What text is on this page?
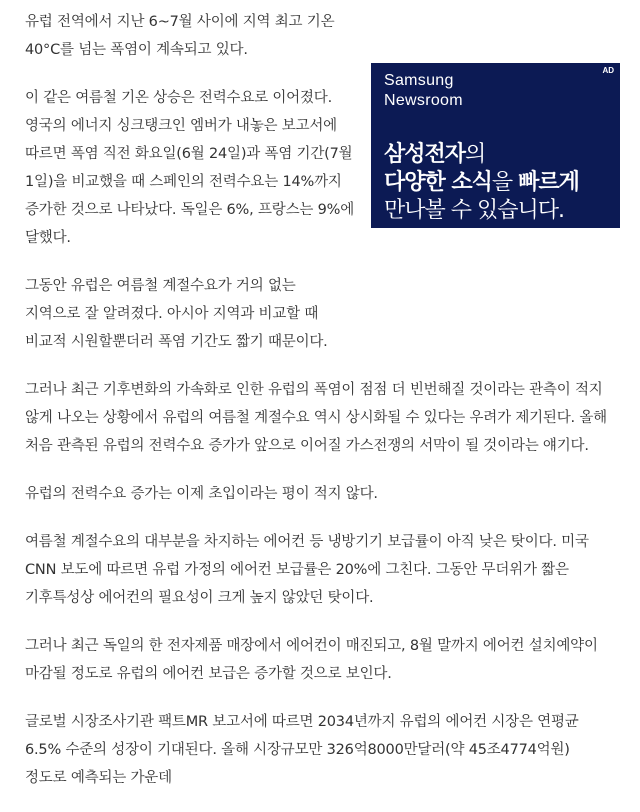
유럽 전역에서 지난 6~7월 사이에 지역 최고 기온 40°C를 넘는 폭염이 계속되고 있다.

이 같은 여름철 기온 상승은 전력수요로 이어졌다. 영국의 에너지 싱크탱크인 엠버가 내놓은 보고서에 따르면 폭염 직전 화요일(6월 24일)과 폭염 기간(7월 1일)을 비교했을 때 스페인의 전력수요는 14%까지 증가한 것으로 나타났다. 독일은 6%, 프랑스는 9%에 달했다.

그동안 유럽은 여름철 계절수요가 거의 없는 지역으로 잘 알려졌다. 아시아 지역과 비교할 때 비교적 시원할뿐더러 폭염 기간도 짧기 때문이다.

그러나 최근 기후변화의 가속화로 인한 유럽의 폭염이 점점 더 빈번해질 것이라는 관측이 적지 않게 나오는 상황에서 유럽의 여름철 계절수요 역시 상시화될 수 있다는 우려가 제기된다. 올해 처음 관측된 유럽의 전력수요 증가가 앞으로 이어질 가스전쟁의 서막이 될 것이라는 얘기다.

유럽의 전력수요 증가는 이제 초입이라는 평이 적지 않다.

여름철 계절수요의 대부분을 차지하는 에어컨 등 냉방기기 보급률이 아직 낮은 탓이다. 미국 CNN 보도에 따르면 유럽 가정의 에어컨 보급률은 20%에 그친다. 그동안 무더위가 짧은 기후특성상 에어컨의 필요성이 크게 높지 않았던 탓이다.

그러나 최근 독일의 한 전자제품 매장에서 에어컨이 매진되고, 8월 말까지 에어컨 설치예약이 마감될 정도로 유럽의 에어컨 보급은 증가할 것으로 보인다.

글로벌 시장조사기관 팩트MR 보고서에 따르면 2034년까지 유럽의 에어컨 시장은 연평균 6.5% 수준의 성장이 기대된다. 올해 시장규모만 326억8000만달러(약 45조4774억원) 정도로 예측되는 가운데

AD
Samsung
Newsroom
삼성전자의
다양한 소식을 빠르게
만나볼 수 있습니다.
